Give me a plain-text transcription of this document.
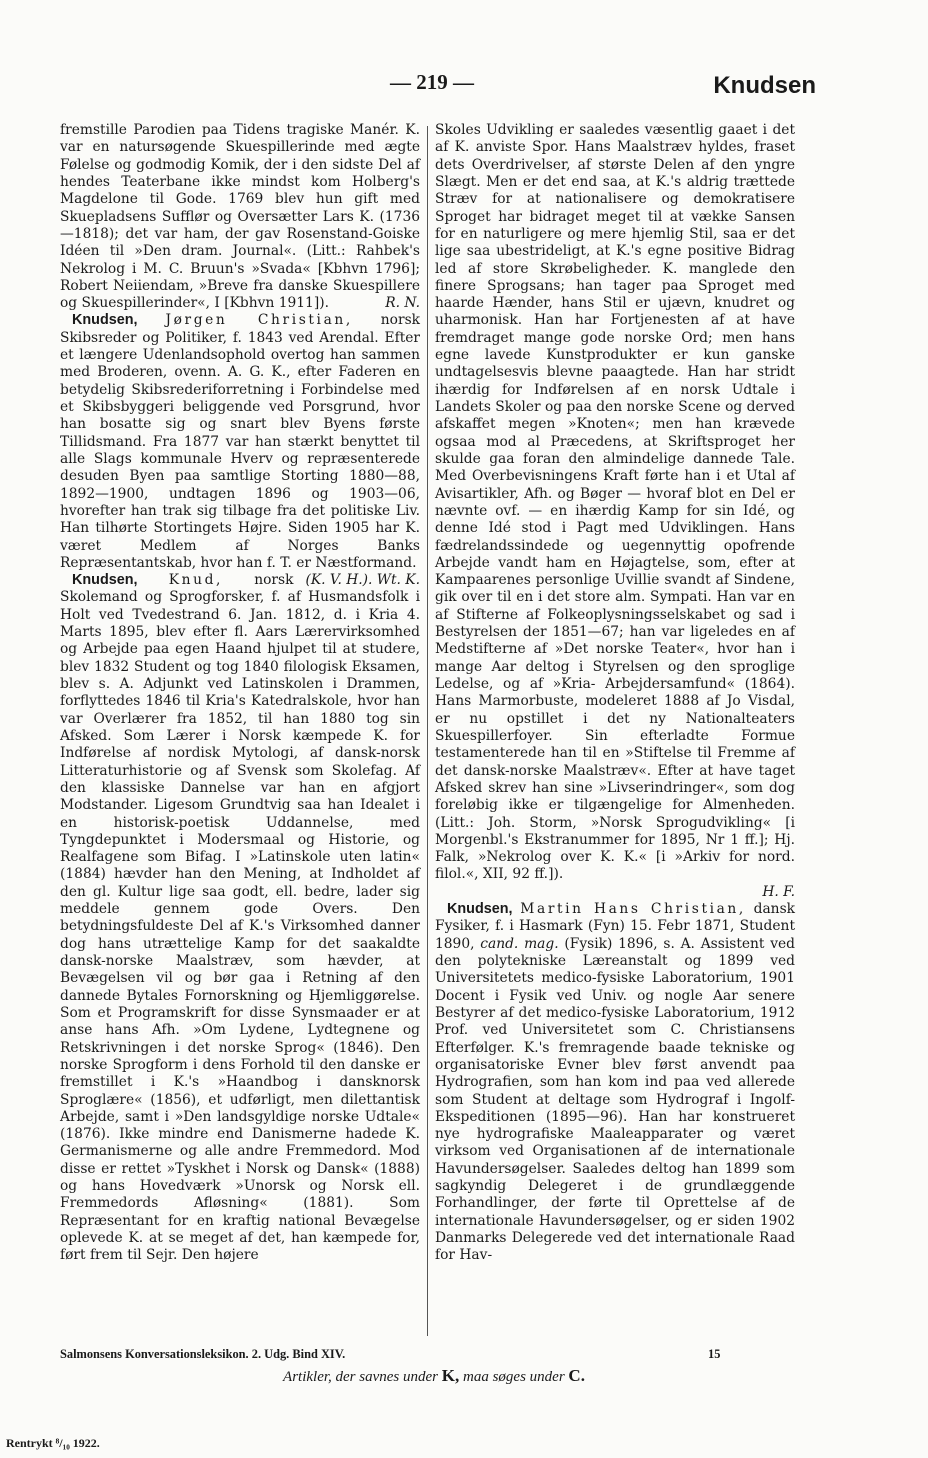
— 219 —	Knudsen

fremstille Parodien paa Tidens tragiske Manér. K. var en natursøgende Skuespillerinde med ægte Følelse og godmodig Komik, der i den sidste Del af hendes Teaterbane ikke mindst kom Holberg's Magdelone til Gode. 1769 blev hun gift med Skuepladsens Sufflør og Oversætter Lars K. (1736—1818); det var ham, der gav Rosenstand-Goiske Idéen til »Den dram. Journal«. (Litt.: Rahbek's Nekrolog i M. C. Bruun's »Svada« [Kbhvn 1796]; Robert Neiiendam, »Breve fra danske Skuespillere og Skuespillerinder«, I [Kbhvn 1911]).	R. N.

Knudsen, Jørgen Christian, norsk Skibsreder og Politiker, f. 1843 ved Arendal. Efter et længere Udenlandsophold overtog han sammen med Broderen, ovenn. A. G. K., efter Faderen en betydelig Skibsrederiforretning i Forbindelse med et Skibsbyggeri beliggende ved Porsgrund, hvor han bosatte sig og snart blev Byens første Tillidsmand. Fra 1877 var han stærkt benyttet til alle Slags kommunale Hverv og repræsenterede desuden Byen paa samtlige Storting 1880—88, 1892—1900, undtagen 1896 og 1903—06, hvorefter han trak sig tilbage fra det politiske Liv. Han tilhørte Stortingets Højre. Siden 1905 har K. været Medlem af Norges Banks Repræsentantskab, hvor han f. T. er Næstformand.
(K. V. H.). Wt. K.

Knudsen, Knud, norsk Skolemand og Sprogforsker, f. af Husmandsfolk i Holt ved Tvedestrand 6. Jan. 1812, d. i Kria 4. Marts 1895, blev efter fl. Aars Lærervirksomhed og Arbejde paa egen Haand hjulpet til at studere, blev 1832 Student og tog 1840 filologisk Eksamen, blev s. A. Adjunkt ved Latinskolen i Drammen, forflyttedes 1846 til Kria's Katedralskole, hvor han var Overlærer fra 1852, til han 1880 tog sin Afsked. Som Lærer i Norsk kæmpede K. for Indførelse af nordisk Mytologi, af dansk-norsk Litteraturhistorie og af Svensk som Skolefag. Af den klassiske Dannelse var han en afgjort Modstander. Ligesom Grundtvig saa han Idealet i en historisk-poetisk Uddannelse, med Tyngdepunktet i Modersmaal og Historie, og Realfagene som Bifag. I »Latinskole uten latin« (1884) hævder han den Mening, at Indholdet af den gl. Kultur lige saa godt, ell. bedre, lader sig meddele gennem gode Overs. Den betydningsfuldeste Del af K.'s Virksomhed danner dog hans utrættelige Kamp for det saakaldte dansk-norske Maalstræv, som hævder, at Bevægelsen vil og bør gaa i Retning af den dannede Bytales Fornorskning og Hjemliggørelse. Som et Programskrift for disse Synsmaader er at anse hans Afh. »Om Lydene, Lydtegnene og Retskrivningen i det norske Sprog« (1846). Den norske Sprogform i dens Forhold til den danske er fremstillet i K.'s »Haandbog i dansknorsk Sproglære« (1856), et udførligt, men dilettantisk Arbejde, samt i »Den landsgyldige norske Udtale« (1876). Ikke mindre end Danismerne hadede K. Germanismerne og alle andre Fremmedord. Mod disse er rettet »Tyskhet i Norsk og Dansk« (1888) og hans Hovedværk »Unorsk og Norsk ell. Fremmedords Afløsning« (1881). Som Repræsentant for en kraftig national Bevægelse oplevede K. at se meget af det, han kæmpede for, ført frem til Sejr. Den højere

Skoles Udvikling er saaledes væsentlig gaaet i det af K. anviste Spor. Hans Maalstræv hyldes, fraset dets Overdrivelser, af største Delen af den yngre Slægt. Men er det end saa, at K.'s aldrig trættede Stræv for at nationalisere og demokratisere Sproget har bidraget meget til at vække Sansen for en naturligere og mere hjemlig Stil, saa er det lige saa ubestrideligt, at K.'s egne positive Bidrag led af store Skrøbeligheder. K. manglede den finere Sprogsans; han tager paa Sproget med haarde Hænder, hans Stil er ujævn, knudret og uharmonisk. Han har Fortjenesten af at have fremdraget mange gode norske Ord; men hans egne lavede Kunstprodukter er kun ganske undtagelsesvis blevne paaagtede. Han har stridt ihærdig for Indførelsen af en norsk Udtale i Landets Skoler og paa den norske Scene og derved afskaffet megen »Knoten«; men han krævede ogsaa mod al Præcedens, at Skriftsproget her skulde gaa foran den almindelige dannede Tale. Med Overbevisningens Kraft førte han i et Utal af Avisartikler, Afh. og Bøger — hvoraf blot en Del er nævnte ovf. — en ihærdig Kamp for sin Idé, og denne Idé stod i Pagt med Udviklingen. Hans fædrelandssindede og uegennyttig opofrende Arbejde vandt ham en Højagtelse, som, efter at Kampaarenes personlige Uvillie svandt af Sindene, gik over til en i det store alm. Sympati. Han var en af Stifterne af Folkeoplysningsselskabet og sad i Bestyrelsen der 1851—67; han var ligeledes en af Medstifterne af »Det norske Teater«, hvor han i mange Aar deltog i Styrelsen og den sproglige Ledelse, og af »Kria- Arbejdersamfund« (1864). Hans Marmorbuste, modeleret 1888 af Jo Visdal, er nu opstillet i det ny Nationalteaters Skuespillerfoyer. Sin efterladte Formue testamenterede han til en »Stiftelse til Fremme af det dansk-norske Maalstræv«. Efter at have taget Afsked skrev han sine »Livserindringer«, som dog foreløbig ikke er tilgængelige for Almenheden. (Litt.: Joh. Storm, »Norsk Sprogudvikling« [i Morgenbl.'s Ekstranummer for 1895, Nr 1 ff.]; Hj. Falk, »Nekrolog over K. K.« [i »Arkiv for nord. filol.«, XII, 92 ff.]).

H. F.

Knudsen, Martin Hans Christian, dansk Fysiker, f. i Hasmark (Fyn) 15. Febr 1871, Student 1890, cand. mag. (Fysik) 1896, s. A. Assistent ved den polytekniske Læreanstalt og 1899 ved Universitetets medico-fysiske Laboratorium, 1901 Docent i Fysik ved Univ. og nogle Aar senere Bestyrer af det medico-fysiske Laboratorium, 1912 Prof. ved Universitetet som C. Christiansens Efterfølger. K.'s fremragende baade tekniske og organisatoriske Evner blev først anvendt paa Hydrografien, som han kom ind paa ved allerede som Student at deltage som Hydrograf i Ingolf-Ekspeditionen (1895—96). Han har konstrueret nye hydrografiske Maaleapparater og været virksom ved Organisationen af de internationale Havundersøgelser. Saaledes deltog han 1899 som sagkyndig Delegeret i de grundlæggende Forhandlinger, der førte til Oprettelse af de internationale Havundersøgelser, og er siden 1902 Danmarks Delegerede ved det internationale Raad for Hav-

Salmonsens Konversationsleksikon. 2. Udg. Bind XIV.	15
Artikler, der savnes under K, maa søges under C.
Rentrykt ⁸/₁₀ 1922.
